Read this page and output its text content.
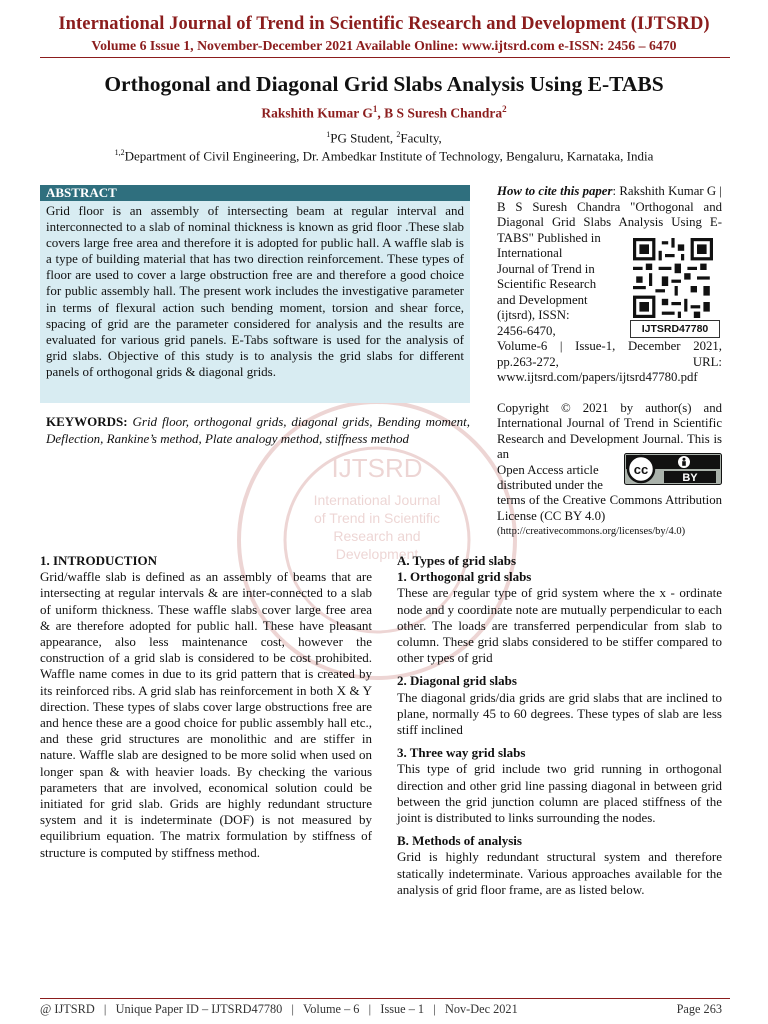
International Journal of Trend in Scientific Research and Development (IJTSRD)
Volume 6 Issue 1, November-December 2021 Available Online: www.ijtsrd.com e-ISSN: 2456 – 6470
Orthogonal and Diagonal Grid Slabs Analysis Using E-TABS
Rakshith Kumar $G^1$, B S Suresh Chandra$^2$
$^1$PG Student, $^2$Faculty,
$^{1,2}$Department of Civil Engineering, Dr. Ambedkar Institute of Technology, Bengaluru, Karnataka, India
IJTSRD
International Journal
of Trend in Scientific
Research and
Development
ABSTRACT
Grid floor is an assembly of intersecting beam at regular interval and interconnected to a slab of nominal thickness is known as grid floor .These slab covers large free area and therefore it is adopted for public hall. A waffle slab is a type of building material that has two direction reinforcement. These types of floor are used to cover a large obstruction free are and therefore a good choice for public assembly hall. The present work includes the investigative parameter in terms of flexural action such bending moment, torsion and shear force, spacing of grid are the parameter considered for analysis and the results are evaluated for various grid panels. E-Tabs software is used for the analysis of grid slabs. Objective of this study is to analysis the grid slabs for different panels of orthogonal grids & diagonal grids.
KEYWORDS: Grid floor, orthogonal grids, diagonal grids, Bending moment, Deflection, Rankine’s method, Plate analogy method, stiffness method
How to cite this paper: Rakshith Kumar G | B S Suresh Chandra "Orthogonal and Diagonal Grid Slabs Analysis Using E-TABS" Published in
International
Journal of Trend in
Scientific Research
and Development
(ijtsrd), ISSN:
2456-6470,
Volume-6 | Issue-1, December 2021, pp.263-272, URL: www.ijtsrd.com/papers/ijtsrd47780.pdf
IJTSRD47780
Copyright © 2021 by author(s) and International Journal of Trend in Scientific Research and Development Journal. This is an
Open Access article
distributed under the
terms of the Creative Commons Attribution License (CC BY 4.0)
(http://creativecommons.org/licenses/by/4.0)
cc
BY
1. INTRODUCTION

Grid/waffle slab is defined as an assembly of beams that are intersecting at regular intervals & are inter-connected to a slab of uniform thickness. These waffle slabs cover large free area & are therefore adopted for public hall. These have pleasant appearance, also less maintenance cost, however the construction of a grid slab is considered to be cost prohibited. Waffle name comes in due to its grid pattern that is created by its reinforced ribs. A grid slab has reinforcement in both X & Y direction. These types of slabs cover large obstructions free are and hence these are a good choice for public assembly hall etc., and these grid structures are monolithic and are stiffer in nature. Waffle slab are designed to be more solid when used on longer span & with heavier loads. By checking the various parameters that are involved, economical solution could be initiated for grid slab. Grids are highly redundant structure system and it is indeterminate (DOF) is not measured by equilibrium equation. The matrix formulation by stiffness of structure is computed by stiffness method.

A. Types of grid slabs
1. Orthogonal grid slabs

These are regular type of grid system where the x - ordinate node and y coordinate note are mutually perpendicular to each other. The loads are transferred perpendicular from slab to column. These grid slabs considered to be stiffer compared to other types of grid

2. Diagonal grid slabs

The diagonal grids/dia grids are grid slabs that are inclined to plane, normally 45 to 60 degrees. These types of slab are less stiff inclined

3. Three way grid slabs

This type of grid include two grid running in orthogonal direction and other grid line passing diagonal in between grid between the grid junction column are placed stiffness of the joint is distributed to links surrounding the nodes.

B. Methods of analysis

Grid is highly redundant structural system and therefore statically indeterminate. Various approaches available for the analysis of grid floor frame, are as listed below.

@ IJTSRD   |   Unique Paper ID – IJTSRD47780   |   Volume – 6   |   Issue – 1   |   Nov-Dec 2021	Page 263
